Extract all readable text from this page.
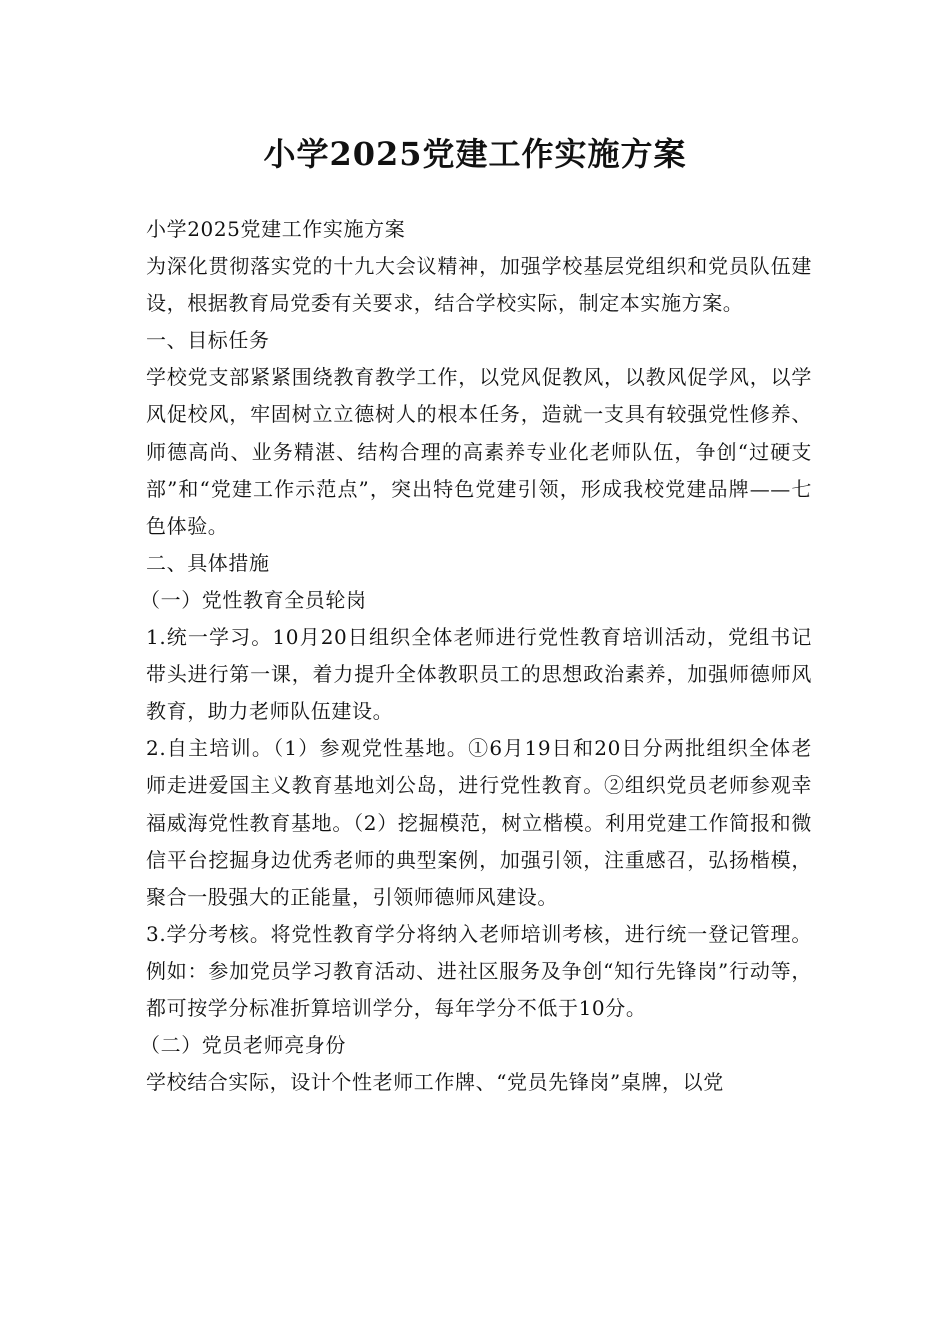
小学2025党建工作实施方案

小学2025党建工作实施方案

为深化贯彻落实党的十九大会议精神，加强学校基层党组织和党员队伍建设，根据教育局党委有关要求，结合学校实际，制定本实施方案。

一、目标任务

学校党支部紧紧围绕教育教学工作，以党风促教风，以教风促学风，以学风促校风，牢固树立立德树人的根本任务，造就一支具有较强党性修养、师德高尚、业务精湛、结构合理的高素养专业化老师队伍，争创“过硬支部”和“党建工作示范点”，突出特色党建引领，形成我校党建品牌——七色体验。

二、具体措施

（一）党性教育全员轮岗

1.统一学习。10月20日组织全体老师进行党性教育培训活动，党组书记带头进行第一课，着力提升全体教职员工的思想政治素养，加强师德师风教育，助力老师队伍建设。

2.自主培训。（1）参观党性基地。①6月19日和20日分两批组织全体老师走进爱国主义教育基地刘公岛，进行党性教育。②组织党员老师参观幸福威海党性教育基地。（2）挖掘模范，树立楷模。利用党建工作简报和微信平台挖掘身边优秀老师的典型案例，加强引领，注重感召，弘扬楷模，聚合一股强大的正能量，引领师德师风建设。

3.学分考核。将党性教育学分将纳入老师培训考核，进行统一登记管理。例如：参加党员学习教育活动、进社区服务及争创“知行先锋岗”行动等，都可按学分标准折算培训学分，每年学分不低于10分。

（二）党员老师亮身份

学校结合实际，设计个性老师工作牌、“党员先锋岗”桌牌，以党
